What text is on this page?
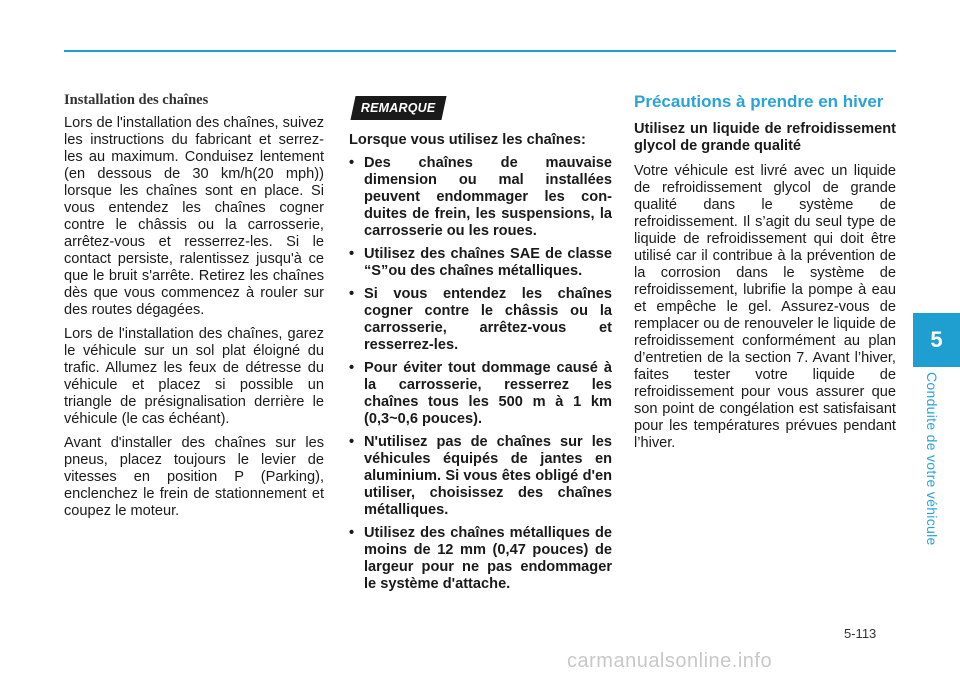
Installation des chaînes

Lors de l'installation des chaînes, suivez les instructions du fabricant et serrez-les au maximum. Conduisez lentement (en dessous de 30 km/h(20 mph)) lorsque les chaînes sont en place. Si vous entendez les chaînes cogner contre le châssis ou la carrosserie, arrêtez-vous et resserrez-les. Si le contact persiste, ralentissez jusqu'à ce que le bruit s'arrête. Retirez les chaînes dès que vous commencez à rouler sur des routes dégagées.

Lors de l'installation des chaînes, garez le véhicule sur un sol plat éloigné du trafic. Allumez les feux de détresse du véhicule et placez si possible un triangle de présignalisation derrière le véhicule (le cas échéant).

Avant d'installer des chaînes sur les pneus, placez toujours le levier de vitesses en position P (Parking), enclenchez le frein de stationnement et coupez le moteur.

REMARQUE

Lorsque vous utilisez les chaînes:

• Des chaînes de mauvaise dimension ou mal installées peuvent endommager les con-duites de frein, les suspensions, la carrosserie ou les roues.
• Utilisez des chaînes SAE de classe “S”ou des chaînes métalliques.
• Si vous entendez les chaînes cogner contre le châssis ou la carrosserie, arrêtez-vous et resserrez-les.
• Pour éviter tout dommage causé à la carrosserie, resserrez les chaînes tous les 500 m à 1 km (0,3~0,6 pouces).
• N'utilisez pas de chaînes sur les véhicules équipés de jantes en aluminium. Si vous êtes obligé d'en utiliser, choisissez des chaînes métalliques.
• Utilisez des chaînes métalliques de moins de 12 mm (0,47 pouces) de largeur pour ne pas endommager le système d'attache.
Précautions à prendre en hiver

Utilisez un liquide de refroidissement glycol de grande qualité

Votre véhicule est livré avec un liquide de refroidissement glycol de grande qualité dans le système de refroidissement. Il s’agit du seul type de liquide de refroidissement qui doit être utilisé car il contribue à la prévention de la corrosion dans le système de refroidissement, lubrifie la pompe à eau et empêche le gel. Assurez-vous de remplacer ou de renouveler le liquide de refroidissement conformément au plan d’entretien de la section 7. Avant l’hiver, faites tester votre liquide de refroidissement pour vous assurer que son point de congélation est satisfaisant pour les températures prévues pendant l’hiver.

5
Conduite de votre véhicule
5-113
carmanualsonline.info
